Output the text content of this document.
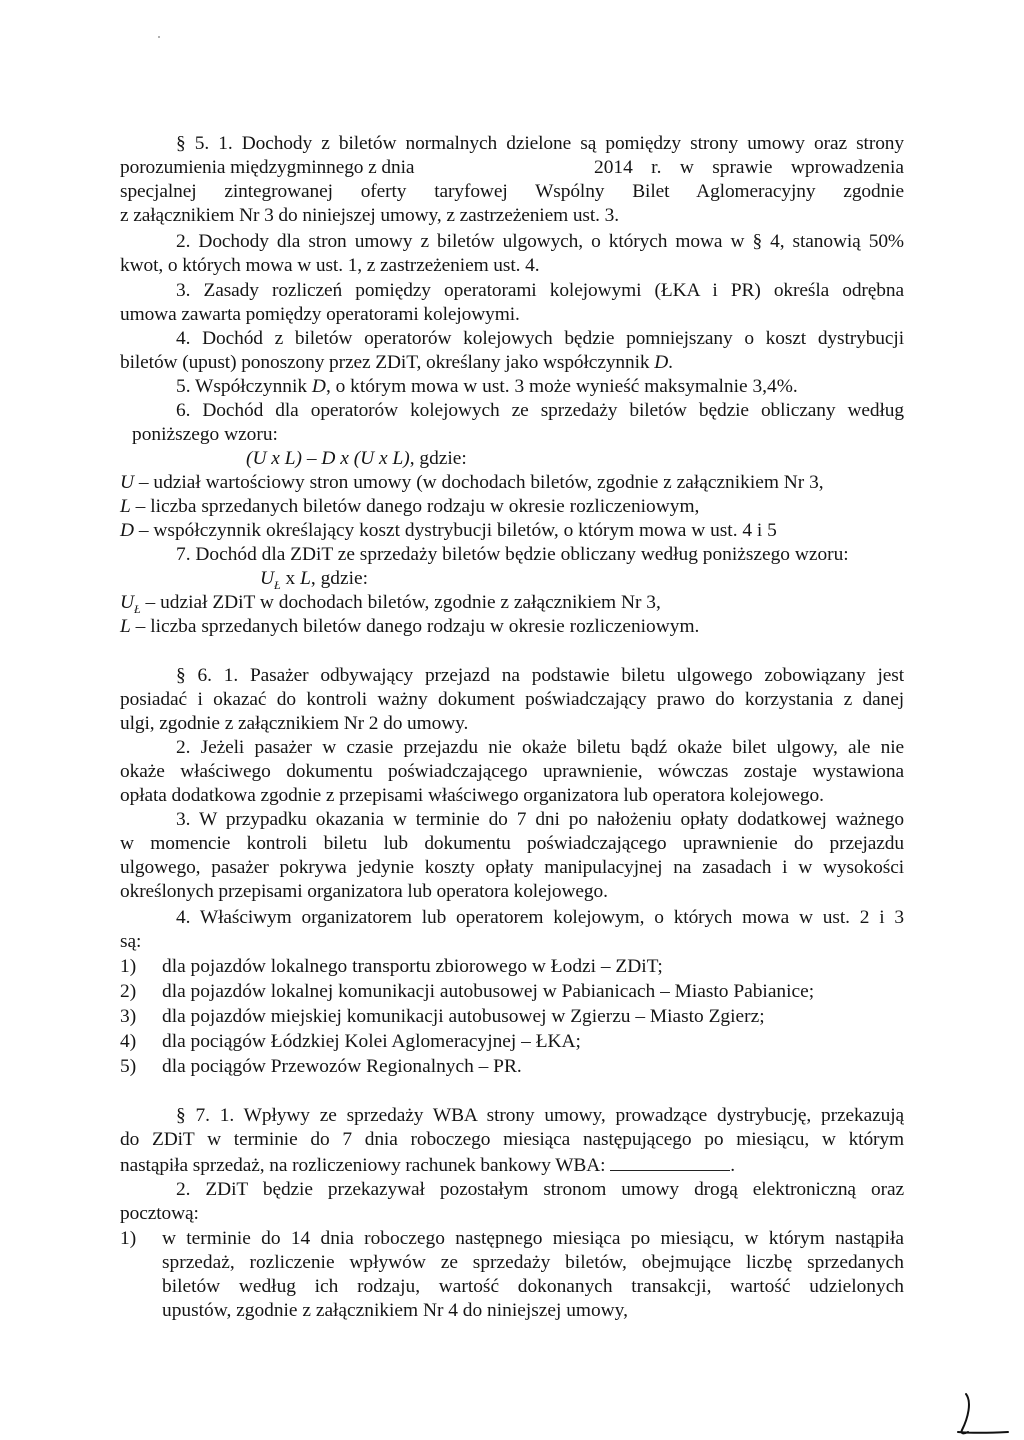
§ 5. 1. Dochody z biletów normalnych dzielone są pomiędzy strony umowy oraz strony

porozumienia międzygminnego z dnia	2014 r. w sprawie wprowadzenia

specjalnej zintegrowanej oferty taryfowej Wspólny Bilet Aglomeracyjny zgodnie

z załącznikiem Nr 3 do niniejszej umowy, z zastrzeżeniem ust. 3.

2. Dochody dla stron umowy z biletów ulgowych, o których mowa w § 4, stanowią 50%

kwot, o których mowa w ust. 1, z zastrzeżeniem ust. 4.

3. Zasady rozliczeń pomiędzy operatorami kolejowymi (ŁKA i PR) określa odrębna

umowa zawarta pomiędzy operatorami kolejowymi.

4. Dochód z biletów operatorów kolejowych będzie pomniejszany o koszt dystrybucji

biletów (upust) ponoszony przez ZDiT, określany jako współczynnik D.

5. Współczynnik D, o którym mowa w ust. 3 może wynieść maksymalnie 3,4%.

6. Dochód dla operatorów kolejowych ze sprzedaży biletów będzie obliczany według

poniższego wzoru:

(U x L) – D x (U x L), gdzie:

U – udział wartościowy stron umowy (w dochodach biletów, zgodnie z załącznikiem Nr 3,

L – liczba sprzedanych biletów danego rodzaju w okresie rozliczeniowym,

D – współczynnik określający koszt dystrybucji biletów, o którym mowa w ust. 4 i 5

7. Dochód dla ZDiT ze sprzedaży biletów będzie obliczany według poniższego wzoru:

$U_Ł$ x L, gdzie:

$U_Ł$ – udział ZDiT w dochodach biletów, zgodnie z załącznikiem Nr 3,

L – liczba sprzedanych biletów danego rodzaju w okresie rozliczeniowym.

§ 6. 1. Pasażer odbywający przejazd na podstawie biletu ulgowego zobowiązany jest

posiadać i okazać do kontroli ważny dokument poświadczający prawo do korzystania z danej

ulgi, zgodnie z załącznikiem Nr 2 do umowy.

2. Jeżeli pasażer w czasie przejazdu nie okaże biletu bądź okaże bilet ulgowy, ale nie

okaże właściwego dokumentu poświadczającego uprawnienie, wówczas zostaje wystawiona

opłata dodatkowa zgodnie z przepisami właściwego organizatora lub operatora kolejowego.

3. W przypadku okazania w terminie do 7 dni po nałożeniu opłaty dodatkowej ważnego

w momencie kontroli biletu lub dokumentu poświadczającego uprawnienie do przejazdu

ulgowego, pasażer pokrywa jedynie koszty opłaty manipulacyjnej na zasadach i w wysokości

określonych przepisami organizatora lub operatora kolejowego.

4. Właściwym organizatorem lub operatorem kolejowym, o których mowa w ust. 2 i 3

są:

1) dla pojazdów lokalnego transportu zbiorowego w Łodzi – ZDiT;
2) dla pojazdów lokalnej komunikacji autobusowej w Pabianicach – Miasto Pabianice;
3) dla pojazdów miejskiej komunikacji autobusowej w Zgierzu – Miasto Zgierz;
4) dla pociągów Łódzkiej Kolei Aglomeracyjnej – ŁKA;
5) dla pociągów Przewozów Regionalnych – PR.

§ 7. 1. Wpływy ze sprzedaży WBA strony umowy, prowadzące dystrybucję, przekazują

do ZDiT w terminie do 7 dnia roboczego miesiąca następującego po miesiącu, w którym

nastąpiła sprzedaż, na rozliczeniowy rachunek bankowy WBA:	.

2. ZDiT będzie przekazywał pozostałym stronom umowy drogą elektroniczną oraz

pocztową:

1) w terminie do 14 dnia roboczego następnego miesiąca po miesiącu, w którym nastąpiła
sprzedaż, rozliczenie wpływów ze sprzedaży biletów, obejmujące liczbę sprzedanych
biletów według ich rodzaju, wartość dokonanych transakcji, wartość udzielonych
upustów, zgodnie z załącznikiem Nr 4 do niniejszej umowy,
